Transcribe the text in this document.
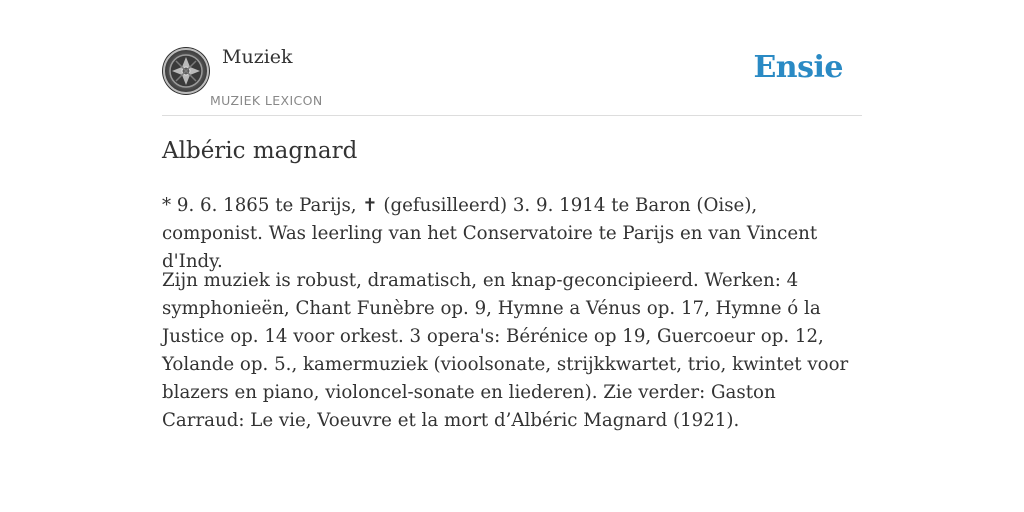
Muziek
MUZIEK LEXICON
Ensie
Albéric magnard

* 9. 6. 1865 te Parijs, ✝ (gefusilleerd) 3. 9. 1914 te Baron (Oise), componist. Was leerling van het Conservatoire te Parijs en van Vincent d'Indy.

Zijn muziek is robust, dramatisch, en knap-geconcipieerd. Werken: 4 symphonieën, Chant Funèbre op. 9, Hymne a Vénus op. 17, Hymne ó la Justice op. 14 voor orkest. 3 opera's: Bérénice op 19, Guercoeur op. 12, Yolande op. 5., kamermuziek (vioolsonate, strijkkwartet, trio, kwintet voor blazers en piano, violoncel-sonate en liederen). Zie verder: Gaston Carraud: Le vie, Voeuvre et la mort d’Albéric Magnard (1921).
